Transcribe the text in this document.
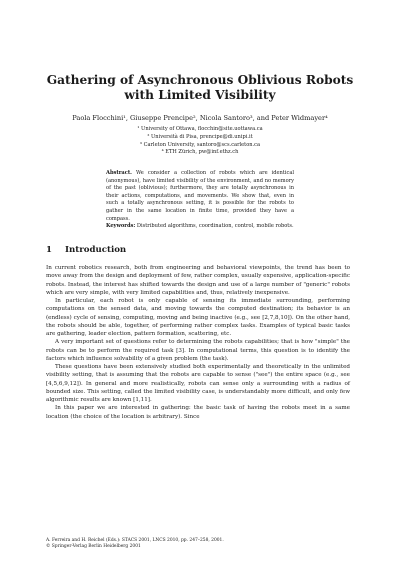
Gathering of Asynchronous Oblivious Robots
with Limited Visibility
Paola Flocchini¹, Giuseppe Prencipe², Nicola Santoro³, and Peter Widmayer⁴
¹ University of Ottawa, flocchin@site.uottawa.ca
² Università di Pisa, prencipe@di.unipi.it
³ Carleton University, santoro@scs.carleton.ca
⁴ ETH Zürich, pw@inf.ethz.ch
Abstract. We consider a collection of robots which are identical (anonymous), have limited visibility of the environment, and no memory of the past (oblivious); furthermore, they are totally asynchronous in their actions, computations, and movements. We show that, even in such a totally asynchronous setting, it is possible for the robots to gather in the same location in finite time, provided they have a compass.
Keywords: Distributed algorithms, coordination, control, mobile robots.
1 Introduction

In current robotics research, both from engineering and behavioral viewpoints, the trend has been to move away from the design and deployment of few, rather complex, usually expensive, application-specific robots. Instead, the interest has shifted towards the design and use of a large number of "generic" robots which are very simple, with very limited capabilities and, thus, relatively inexpensive.

In particular, each robot is only capable of sensing its immediate surrounding, performing computations on the sensed data, and moving towards the computed destination; its behavior is an (endless) cycle of sensing, computing, moving and being inactive (e.g., see [2,7,8,10]). On the other hand, the robots should be able, together, of performing rather complex tasks. Examples of typical basic tasks are gathering, leader election, pattern formation, scattering, etc.

A very important set of questions refer to determining the robots capabilities; that is how "simple" the robots can be to perform the required task [3]. In computational terms, this question is to identify the factors which influence solvability of a given problem (the task).

These questions have been extensively studied both experimentally and theoretically in the unlimited visibility setting, that is assuming that the robots are capable to sense ("see") the entire space (e.g., see [4,5,6,9,12]). In general and more realistically, robots can sense only a surrounding with a radius of bounded size. This setting, called the limited visibility case, is understandably more difficult, and only few algorithmic results are known [1,11].

In this paper we are interested in gathering: the basic task of having the robots meet in a same location (the choice of the location is arbitrary). Since

A. Ferreira and H. Reichel (Eds.): STACS 2001, LNCS 2010, pp. 247–258, 2001.
© Springer-Verlag Berlin Heidelberg 2001
